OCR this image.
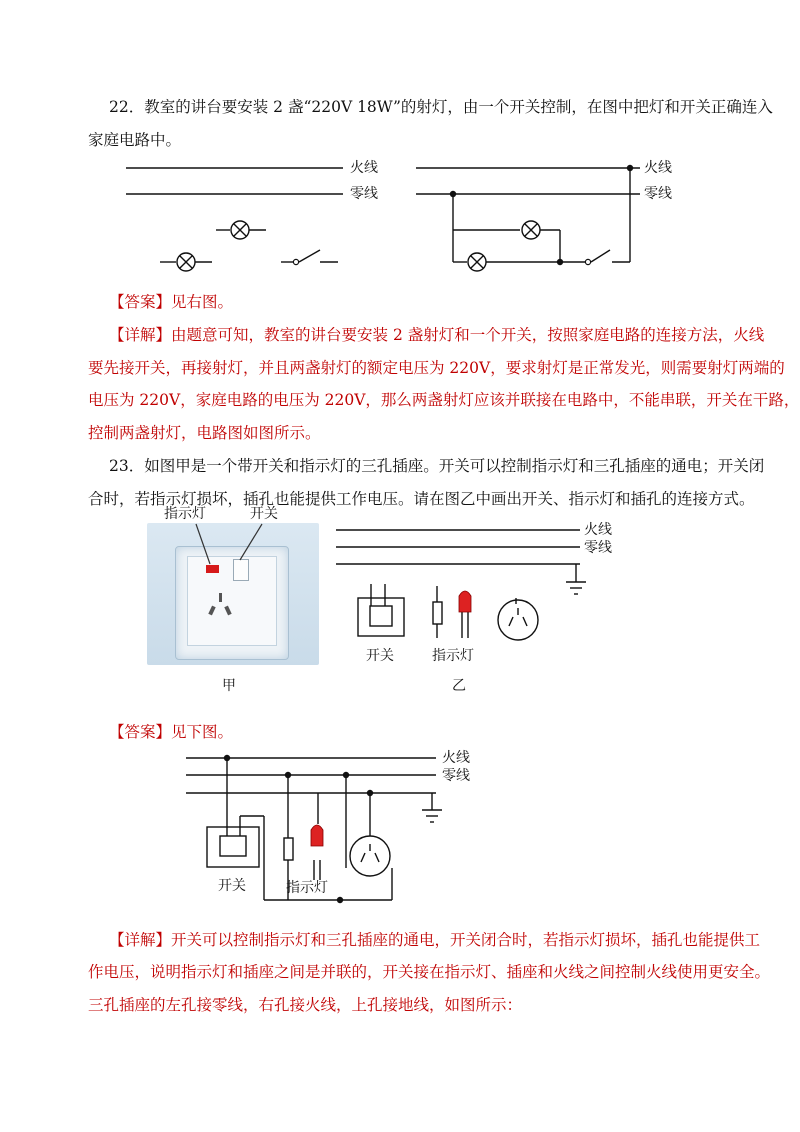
22．教室的讲台要安装 2 盏“220V 18W”的射灯，由一个开关控制，在图中把灯和开关正确连入
家庭电路中。
火线
零线
火线
零线
【答案】见右图。
【详解】由题意可知，教室的讲台要安装 2 盏射灯和一个开关，按照家庭电路的连接方法，火线
要先接开关，再接射灯，并且两盏射灯的额定电压为 220V，要求射灯是正常发光，则需要射灯两端的
电压为 220V，家庭电路的电压为 220V，那么两盏射灯应该并联接在电路中，不能串联，开关在干路，
控制两盏射灯，电路图如图所示。
23．如图甲是一个带开关和指示灯的三孔插座。开关可以控制指示灯和三孔插座的通电；开关闭
合时，若指示灯损坏，插孔也能提供工作电压。请在图乙中画出开关、指示灯和插孔的连接方式。
指示灯	开关
甲
火线
零线
开关	指示灯
乙
【答案】见下图。
火线
零线
开关	指示灯
【详解】开关可以控制指示灯和三孔插座的通电，开关闭合时，若指示灯损坏，插孔也能提供工
作电压，说明指示灯和插座之间是并联的，开关接在指示灯、插座和火线之间控制火线使用更安全。
三孔插座的左孔接零线，右孔接火线，上孔接地线，如图所示：
